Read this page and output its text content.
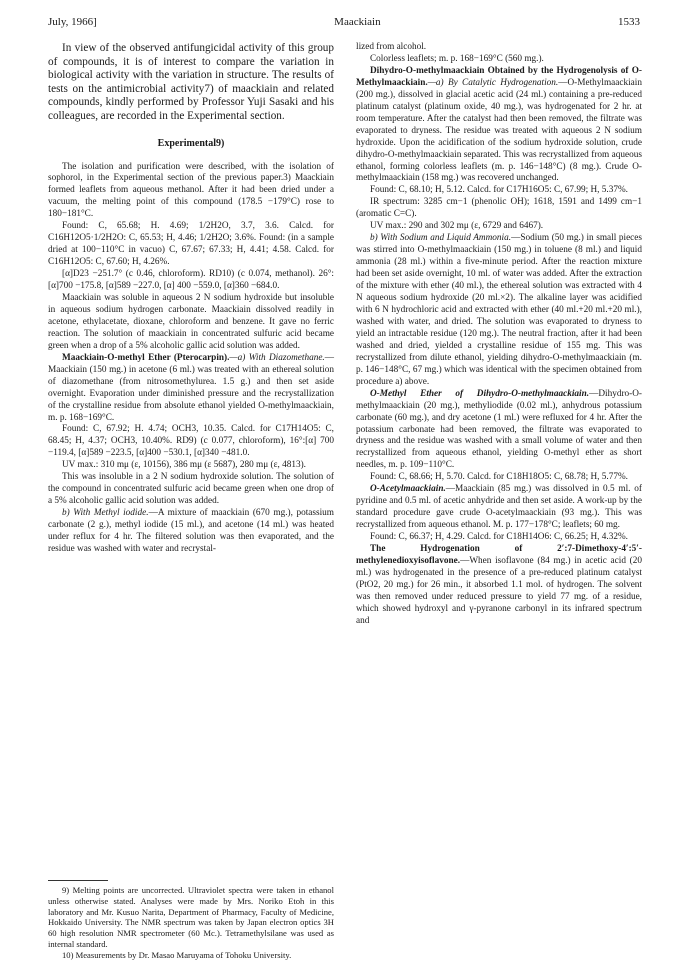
July, 1966]	Maackiain	1533

In view of the observed antifungicidal activity of this group of compounds, it is of interest to compare the variation in biological activity with the variation in structure. The results of tests on the antimicrobial activity7) of maackiain and related compounds, kindly performed by Professor Yuji Sasaki and his colleagues, are recorded in the Experimental section.

Experimental9)

The isolation and purification were described, with the isolation of sophorol, in the Experimental section of the previous paper.3) Maackiain formed leaflets from aqueous methanol. After it had been dried under a vacuum, the melting point of this compound (178.5 −179°C) rose to 180−181°C.

Found: C, 65.68; H. 4.69; 1/2H2O, 3.7, 3.6. Calcd. for C16H12O5·1/2H2O: C, 65.53; H, 4.46; 1/2H2O; 3.6%. Found: (in a sample dried at 100−110°C in vacuo) C, 67.67; 67.33; H, 4.41; 4.58. Calcd. for C16H12O5: C, 67.60; H, 4.26%.

[α]D23 −251.7° (c 0.46, chloroform). RD10) (c 0.074, methanol). 26°: [α]700 −175.8, [α]589 −227.0, [α] 400 −559.0, [α]360 −684.0.

Maackiain was soluble in aqueous 2 N sodium hydroxide but insoluble in aqueous sodium hydrogen carbonate. Maackiain dissolved readily in acetone, ethylacetate, dioxane, chloroform and benzene. It gave no ferric reaction. The solution of maackiain in concentrated sulfuric acid became green when a drop of a 5% alcoholic gallic acid solution was added.

Maackiain-O-methyl Ether (Pterocarpin).—a) With Diazomethane.—Maackiain (150 mg.) in acetone (6 ml.) was treated with an ethereal solution of diazomethane (from nitrosomethylurea. 1.5 g.) and then set aside overnight. Evaporation under diminished pressure and the recrystallization of the crystalline residue from absolute ethanol yielded O-methylmaackiain, m. p. 168−169°C.

Found: C, 67.92; H. 4.74; OCH3, 10.35. Calcd. for C17H14O5: C, 68.45; H, 4.37; OCH3, 10.40%. RD9) (c 0.077, chloroform), 16°:[α] 700 −119.4, [α]589 −223.5, [α]400 −530.1, [α]340 −481.0.

UV max.: 310 mμ (ε, 10156), 386 mμ (ε 5687), 280 mμ (ε, 4813).

This was insoluble in a 2 N sodium hydroxide solution. The solution of the compound in concentrated sulfuric acid became green when one drop of a 5% alcoholic gallic acid solution was added.

b) With Methyl iodide.—A mixture of maackiain (670 mg.), potassium carbonate (2 g.), methyl iodide (15 ml.), and acetone (14 ml.) was heated under reflux for 4 hr. The filtered solution was then evaporated, and the residue was washed with water and recrystal-

9) Melting points are uncorrected. Ultraviolet spectra were taken in ethanol unless otherwise stated. Analyses were made by Mrs. Noriko Etoh in this laboratory and Mr. Kusuo Narita, Department of Pharmacy, Faculty of Medicine, Hokkaido University. The NMR spectrum was taken by Japan electron optics 3H 60 high resolution NMR spectrometer (60 Mc.). Tetramethylsilane was used as internal standard.

10) Measurements by Dr. Masao Maruyama of Tohoku University.

lized from alcohol.

Colorless leaflets; m. p. 168−169°C (560 mg.).

Dihydro-O-methylmaackiain Obtained by the Hydrogenolysis of O-Methylmaackiain.—a) By Catalytic Hydrogenation.—O-Methylmaackiain (200 mg.), dissolved in glacial acetic acid (24 ml.) containing a pre-reduced platinum catalyst (platinum oxide, 40 mg.), was hydrogenated for 2 hr. at room temperature. After the catalyst had then been removed, the filtrate was evaporated to dryness. The residue was treated with aqueous 2 N sodium hydroxide. Upon the acidification of the sodium hydroxide solution, crude dihydro-O-methylmaackiain separated. This was recrystallized from aqueous ethanol, forming colorless leaflets (m. p. 146−148°C) (8 mg.). Crude O-methylmaackiain (158 mg.) was recovered unchanged.

Found: C, 68.10; H, 5.12. Calcd. for C17H16O5: C, 67.99; H, 5.37%.

IR spectrum: 3285 cm−1 (phenolic OH); 1618, 1591 and 1499 cm−1 (aromatic C=C).

UV max.: 290 and 302 mμ (ε, 6729 and 6467).

b) With Sodium and Liquid Ammonia.—Sodium (50 mg.) in small pieces was stirred into O-methylmaackiain (150 mg.) in toluene (8 ml.) and liquid ammonia (28 ml.) within a five-minute period. After the reaction mixture had been set aside overnight, 10 ml. of water was added. After the extraction of the mixture with ether (40 ml.), the ethereal solution was extracted with 4 N aqueous sodium hydroxide (20 ml.×2). The alkaline layer was acidified with 6 N hydrochloric acid and extracted with ether (40 ml.+20 ml.+20 ml.), washed with water, and dried. The solution was evaporated to dryness to yield an intractable residue (120 mg.). The neutral fraction, after it had been washed and dried, yielded a crystalline residue of 155 mg. This was recrystallized from dilute ethanol, yielding dihydro-O-methylmaackiain (m. p. 146−148°C, 67 mg.) which was identical with the specimen obtained from procedure a) above.

O-Methyl Ether of Dihydro-O-methylmaackiain.—Dihydro-O-methylmaackiain (20 mg.), methyliodide (0.02 ml.), anhydrous potassium carbonate (60 mg.), and dry acetone (1 ml.) were refluxed for 4 hr. After the potassium carbonate had been removed, the filtrate was evaporated to dryness and the residue was washed with a small volume of water and then recrystallized from aqueous ethanol, yielding O-methyl ether as short needles, m. p. 109−110°C.

Found: C, 68.66; H, 5.70. Calcd. for C18H18O5: C, 68.78; H, 5.77%.

O-Acetylmaackiain.—Maackiain (85 mg.) was dissolved in 0.5 ml. of pyridine and 0.5 ml. of acetic anhydride and then set aside. A work-up by the standard procedure gave crude O-acetylmaackiain (93 mg.). This was recrystallized from aqueous ethanol. M. p. 177−178°C; leaflets; 60 mg.

Found: C, 66.37; H, 4.29. Calcd. for C18H14O6: C, 66.25; H, 4.32%.

The Hydrogenation of 2′:7-Dimethoxy-4′:5′-methylenedioxyisoflavone.—When isoflavone (84 mg.) in acetic acid (20 ml.) was hydrogenated in the presence of a pre-reduced platinum catalyst (PtO2, 20 mg.) for 26 min., it absorbed 1.1 mol. of hydrogen. The solvent was then removed under reduced pressure to yield 77 mg. of a residue, which showed hydroxyl and γ-pyranone carbonyl in its infrared spectrum and
